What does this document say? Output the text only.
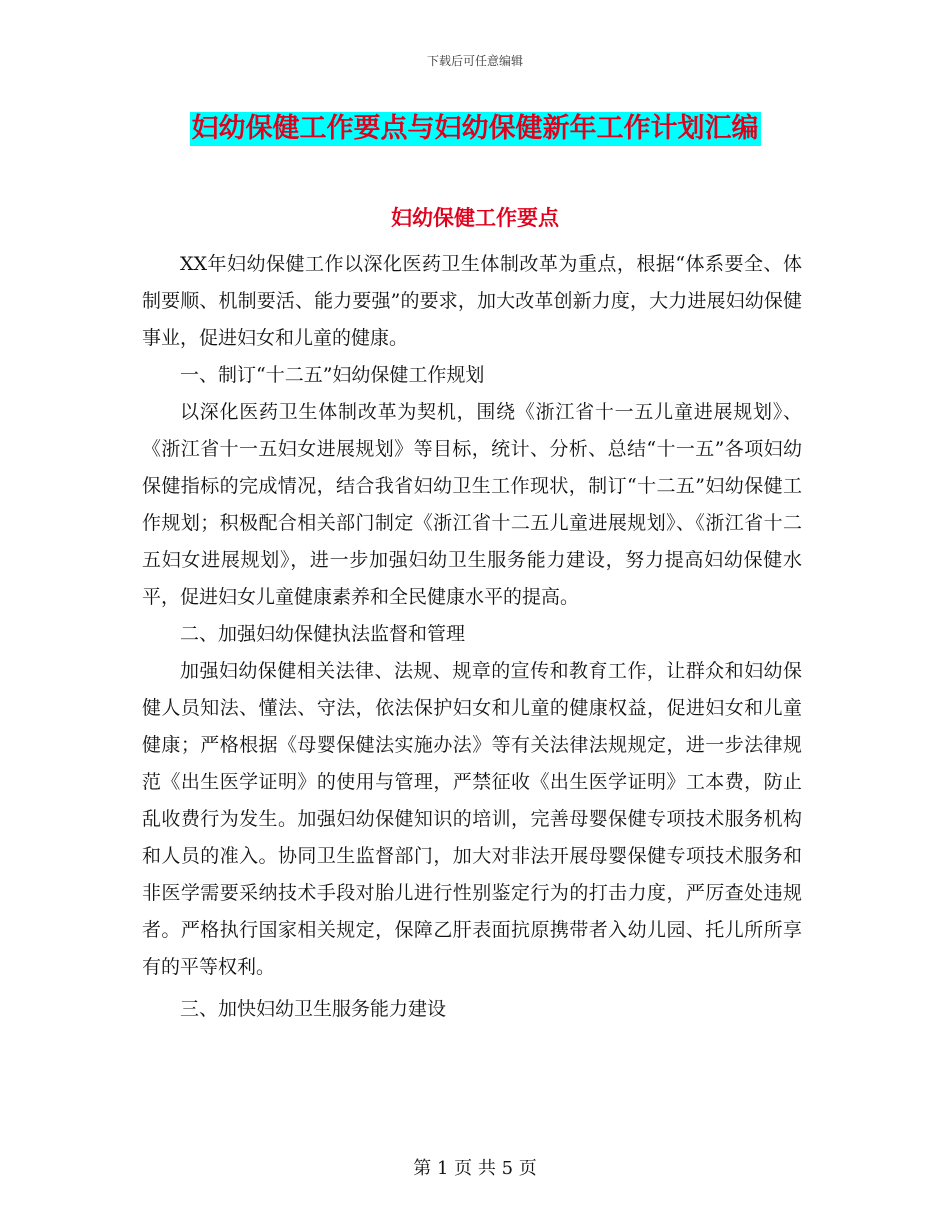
下载后可任意编辑
妇幼保健工作要点与妇幼保健新年工作计划汇编
妇幼保健工作要点

XX年妇幼保健工作以深化医药卫生体制改革为重点，根据“体系要全、体制要顺、机制要活、能力要强”的要求，加大改革创新力度，大力进展妇幼保健事业，促进妇女和儿童的健康。

一、制订“十二五”妇幼保健工作规划

以深化医药卫生体制改革为契机，围绕《浙江省十一五儿童进展规划》、《浙江省十一五妇女进展规划》等目标，统计、分析、总结“十一五”各项妇幼保健指标的完成情况，结合我省妇幼卫生工作现状，制订“十二五”妇幼保健工作规划；积极配合相关部门制定《浙江省十二五儿童进展规划》、《浙江省十二五妇女进展规划》，进一步加强妇幼卫生服务能力建设，努力提高妇幼保健水平，促进妇女儿童健康素养和全民健康水平的提高。

二、加强妇幼保健执法监督和管理

加强妇幼保健相关法律、法规、规章的宣传和教育工作，让群众和妇幼保健人员知法、懂法、守法，依法保护妇女和儿童的健康权益，促进妇女和儿童健康；严格根据《母婴保健法实施办法》等有关法律法规规定，进一步法律规范《出生医学证明》的使用与管理，严禁征收《出生医学证明》工本费，防止乱收费行为发生。加强妇幼保健知识的培训，完善母婴保健专项技术服务机构和人员的准入。协同卫生监督部门，加大对非法开展母婴保健专项技术服务和非医学需要采纳技术手段对胎儿进行性别鉴定行为的打击力度，严厉查处违规者。严格执行国家相关规定，保障乙肝表面抗原携带者入幼儿园、托儿所所享有的平等权利。

三、加快妇幼卫生服务能力建设

第 1 页 共 5 页
